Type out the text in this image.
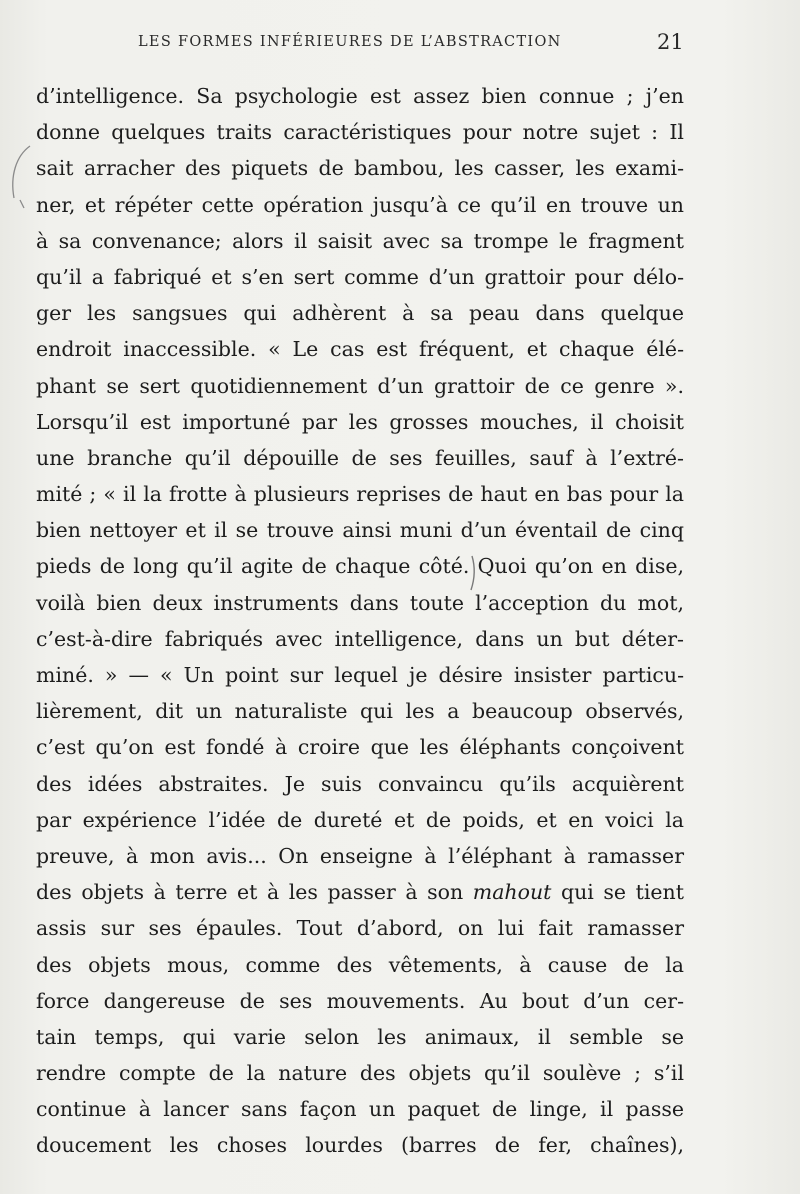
LES FORMES INFÉRIEURES DE L’ABSTRACTION	21
d’intelligence. Sa psychologie est assez bien connue ; j’en
donne quelques traits caractéristiques pour notre sujet : Il
sait arracher des piquets de bambou, les casser, les exami-
ner, et répéter cette opération jusqu’à ce qu’il en trouve un
à sa convenance; alors il saisit avec sa trompe le fragment
qu’il a fabriqué et s’en sert comme d’un grattoir pour délo-
ger les sangsues qui adhèrent à sa peau dans quelque
endroit inaccessible. « Le cas est fréquent, et chaque élé-
phant se sert quotidiennement d’un grattoir de ce genre ».
Lorsqu’il est importuné par les grosses mouches, il choisit
une branche qu’il dépouille de ses feuilles, sauf à l’extré-
mité ; « il la frotte à plusieurs reprises de haut en bas pour la
bien nettoyer et il se trouve ainsi muni d’un éventail de cinq
pieds de long qu’il agite de chaque côté. Quoi qu’on en dise,
voilà bien deux instruments dans toute l’acception du mot,
c’est-à-dire fabriqués avec intelligence, dans un but déter-
miné. » — « Un point sur lequel je désire insister particu-
lièrement, dit un naturaliste qui les a beaucoup observés,
c’est qu’on est fondé à croire que les éléphants conçoivent
des idées abstraites. Je suis convaincu qu’ils acquièrent
par expérience l’idée de dureté et de poids, et en voici la
preuve, à mon avis... On enseigne à l’éléphant à ramasser
des objets à terre et à les passer à son mahout qui se tient
assis sur ses épaules. Tout d’abord, on lui fait ramasser
des objets mous, comme des vêtements, à cause de la
force dangereuse de ses mouvements. Au bout d’un cer-
tain temps, qui varie selon les animaux, il semble se
rendre compte de la nature des objets qu’il soulève ; s’il
continue à lancer sans façon un paquet de linge, il passe
doucement les choses lourdes (barres de fer, chaînes),
